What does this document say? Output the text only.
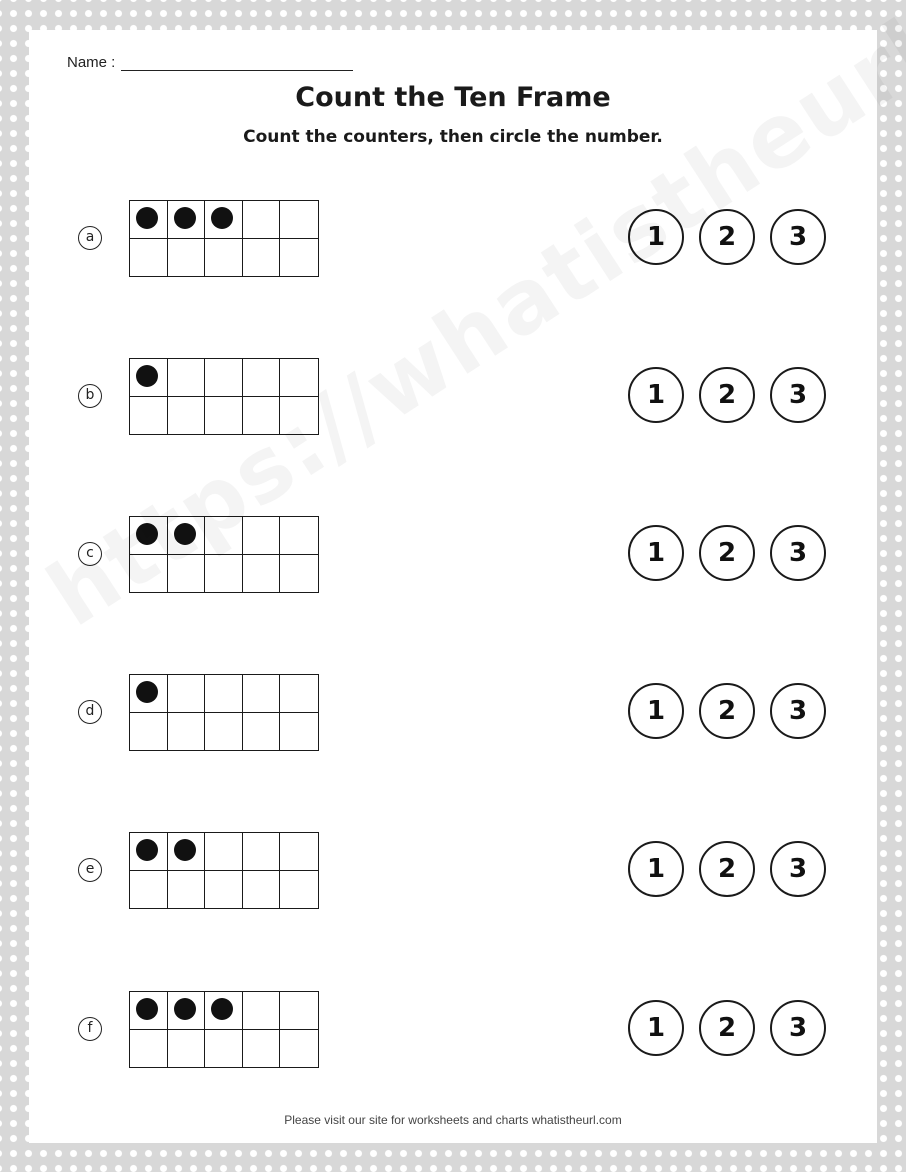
Name :
Count the Ten Frame
Count the counters, then circle the number.
a	1	2	3
b	1	2	3
c	1	2	3
d	1	2	3
e	1	2	3
f	1	2	3
Please visit our site for worksheets and charts whatistheurl.com
